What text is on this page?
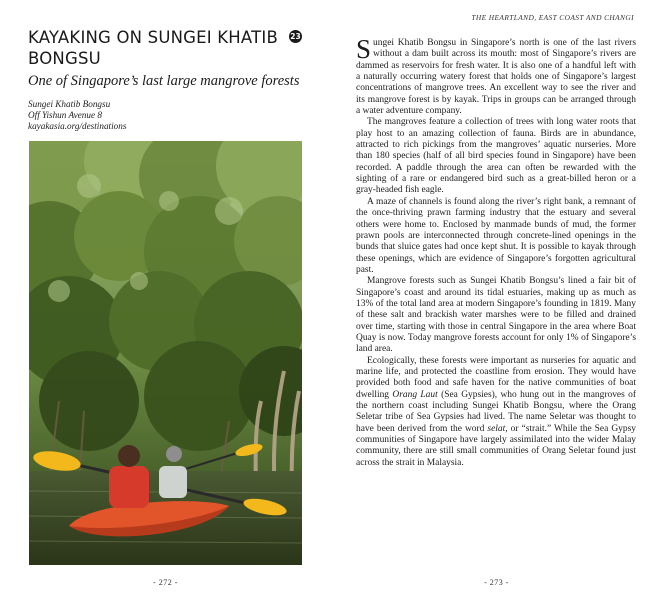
KAYAKING ON SUNGEI KHATIB BONGSU
23
One of Singapore’s last large mangrove forests
Sungei Khatib Bongsu
Off Yishun Avenue 8
kayakasia.org/destinations
- 272 -
THE HEARTLAND, EAST COAST AND CHANGI

Sungei Khatib Bongsu in Singapore’s north is one of the last rivers without a dam built across its mouth: most of Singapore’s rivers are dammed as reservoirs for fresh water. It is also one of a handful left with a naturally occurring watery forest that holds one of Singapore’s largest concentrations of mangrove trees. An excellent way to see the river and its mangrove forest is by kayak. Trips in groups can be arranged through a water adventure company.

The mangroves feature a collection of trees with long water roots that play host to an amazing collection of fauna. Birds are in abundance, attracted to rich pickings from the mangroves’ aquatic nurseries. More than 180 species (half of all bird species found in Singapore) have been recorded. A paddle through the area can often be rewarded with the sighting of a rare or endangered bird such as a great-billed heron or a gray-headed fish eagle.

A maze of channels is found along the river’s right bank, a remnant of the once-thriving prawn farming industry that the estuary and several others were home to. Enclosed by manmade bunds of mud, the former prawn pools are interconnected through concrete-lined openings in the bunds that sluice gates had once kept shut. It is possible to kayak through these openings, which are evidence of Singapore’s forgotten agricultural past.

Mangrove forests such as Sungei Khatib Bongsu’s lined a fair bit of Singapore’s coast and around its tidal estuaries, making up as much as 13% of the total land area at modern Singapore’s founding in 1819. Many of these salt and brackish water marshes were to be filled and drained over time, starting with those in central Singapore in the area where Boat Quay is now. Today mangrove forests account for only 1% of Singapore’s land area.

Ecologically, these forests were important as nurseries for aquatic and marine life, and protected the coastline from erosion. They would have provided both food and safe haven for the native communities of boat dwelling Orang Laut (Sea Gypsies), who hung out in the mangroves of the northern coast including Sungei Khatib Bongsu, where the Orang Seletar tribe of Sea Gypsies had lived. The name Seletar was thought to have been derived from the word selat, or “strait.” While the Sea Gypsy communities of Singapore have largely assimilated into the wider Malay community, there are still small communities of Orang Seletar found just across the strait in Malaysia.

- 273 -
